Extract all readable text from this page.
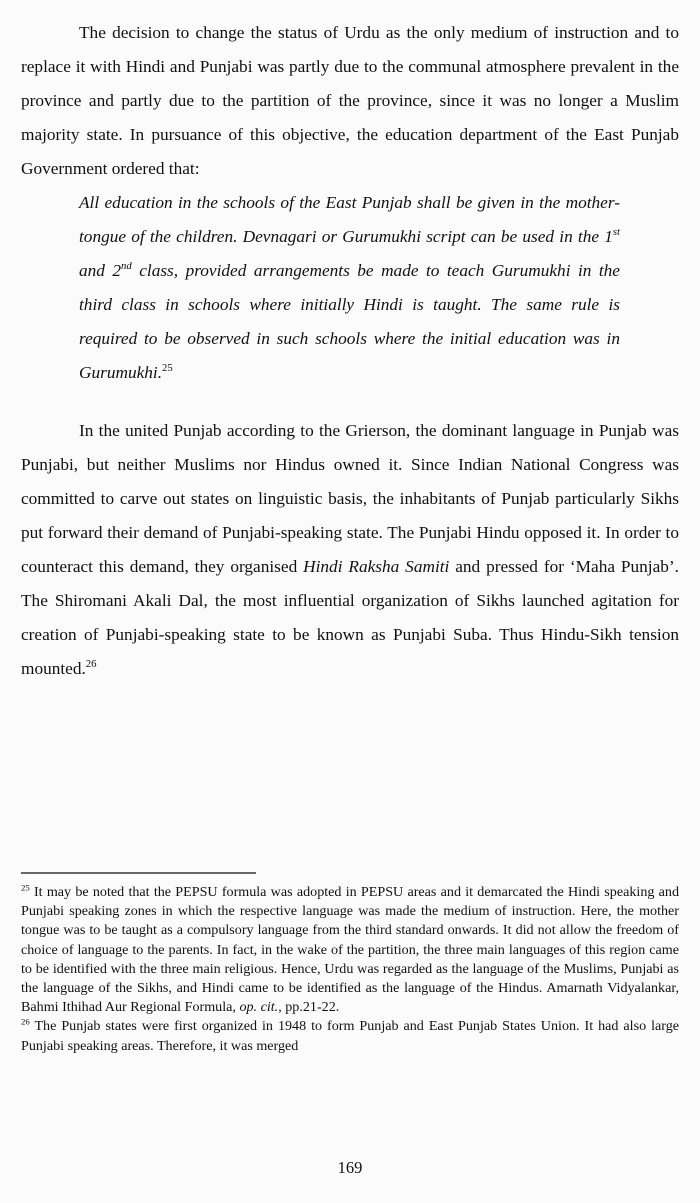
The decision to change the status of Urdu as the only medium of instruction and to replace it with Hindi and Punjabi was partly due to the communal atmosphere prevalent in the province and partly due to the partition of the province, since it was no longer a Muslim majority state. In pursuance of this objective, the education department of the East Punjab Government ordered that:

All education in the schools of the East Punjab shall be given in the mother-tongue of the children. Devnagari or Gurumukhi script can be used in the 1st and 2nd class, provided arrangements be made to teach Gurumukhi in the third class in schools where initially Hindi is taught. The same rule is required to be observed in such schools where the initial education was in Gurumukhi.$^{25}$

In the united Punjab according to the Grierson, the dominant language in Punjab was Punjabi, but neither Muslims nor Hindus owned it. Since Indian National Congress was committed to carve out states on linguistic basis, the inhabitants of Punjab particularly Sikhs put forward their demand of Punjabi-speaking state. The Punjabi Hindu opposed it. In order to counteract this demand, they organised Hindi Raksha Samiti and pressed for ‘Maha Punjab’. The Shiromani Akali Dal, the most influential organization of Sikhs launched agitation for creation of Punjabi-speaking state to be known as Punjabi Suba. Thus Hindu-Sikh tension mounted.$^{26}$

$^{25}$ It may be noted that the PEPSU formula was adopted in PEPSU areas and it demarcated the Hindi speaking and Punjabi speaking zones in which the respective language was made the medium of instruction. Here, the mother tongue was to be taught as a compulsory language from the third standard onwards. It did not allow the freedom of choice of language to the parents. In fact, in the wake of the partition, the three main languages of this region came to be identified with the three main religious. Hence, Urdu was regarded as the language of the Muslims, Punjabi as the language of the Sikhs, and Hindi came to be identified as the language of the Hindus. Amarnath Vidyalankar, Bahmi Ithihad Aur Regional Formula, op. cit., pp.21-22.

$^{26}$ The Punjab states were first organized in 1948 to form Punjab and East Punjab States Union. It had also large Punjabi speaking areas. Therefore, it was merged

169
